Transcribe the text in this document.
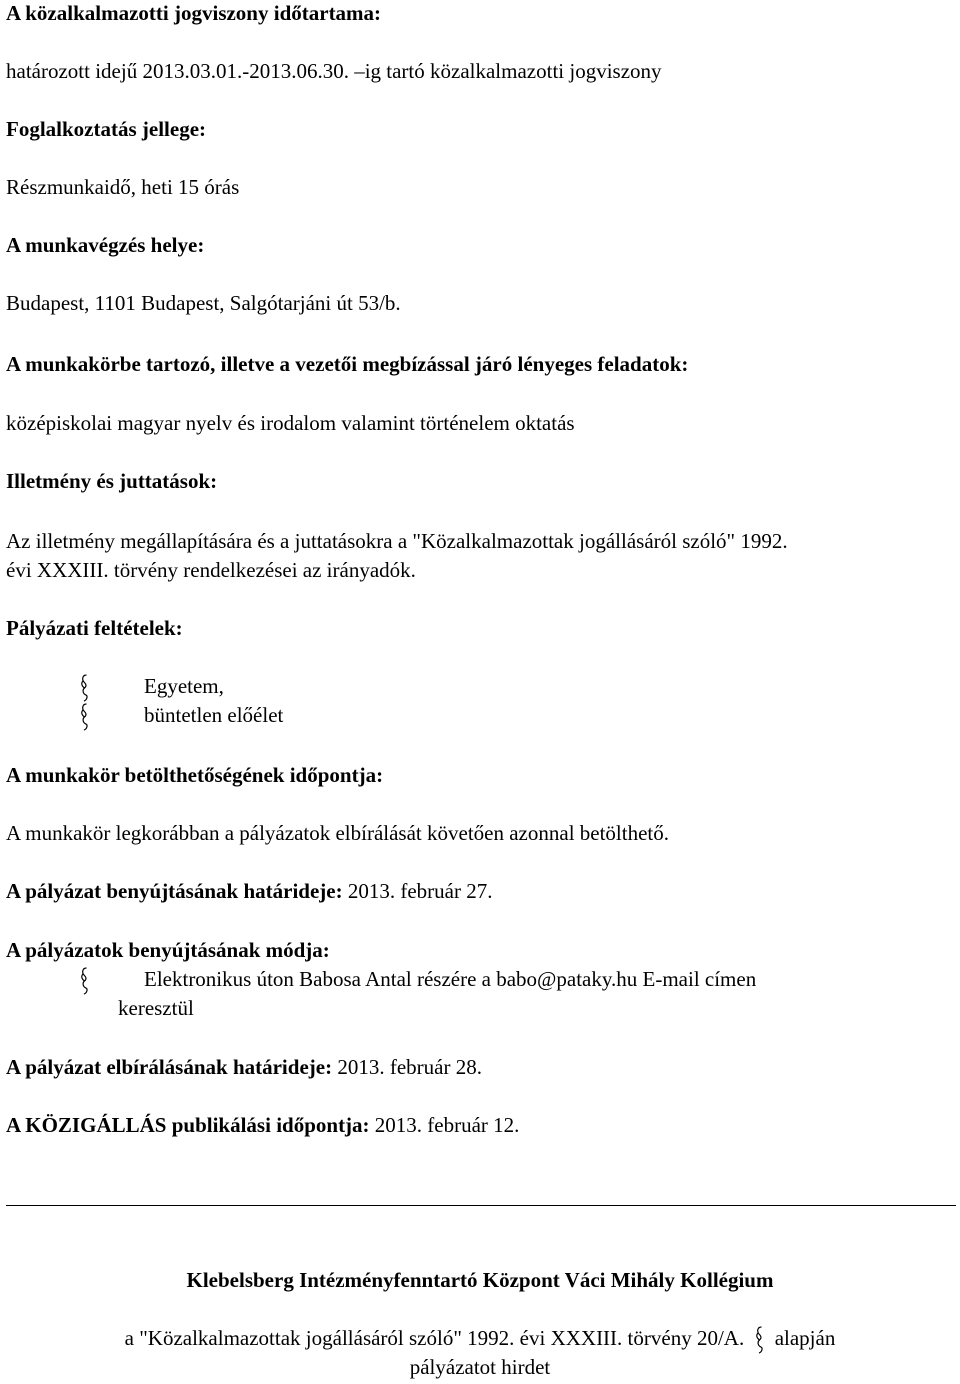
A közalkalmazotti jogviszony időtartama:
határozott idejű 2013.03.01.-2013.06.30. –ig tartó közalkalmazotti jogviszony
Foglalkoztatás jellege:
Részmunkaidő, heti 15 órás
A munkavégzés helye:
Budapest, 1101 Budapest, Salgótarjáni út 53/b.
A munkakörbe tartozó, illetve a vezetői megbízással járó lényeges feladatok:
középiskolai magyar nyelv és irodalom valamint történelem oktatás
Illetmény és juttatások:
Az illetmény megállapítására és a juttatásokra a "Közalkalmazottak jogállásáról szóló" 1992.
évi XXXIII. törvény rendelkezései az irányadók.
Pályázati feltételek:
Egyetem,
büntetlen előélet
A munkakör betölthetőségének időpontja:
A munkakör legkorábban a pályázatok elbírálását követően azonnal betölthető.
A pályázat benyújtásának határideje: 2013. február 27.
A pályázatok benyújtásának módja:
Elektronikus úton Babosa Antal részére a babo@pataky.hu E-mail címen
keresztül
A pályázat elbírálásának határideje: 2013. február 28.
A KÖZIGÁLLÁS publikálási időpontja: 2013. február 12.
Klebelsberg Intézményfenntartó Központ Váci Mihály Kollégium
a "Közalkalmazottak jogállásáról szóló" 1992. évi XXXIII. törvény 20/A. alapján
pályázatot hirdet
